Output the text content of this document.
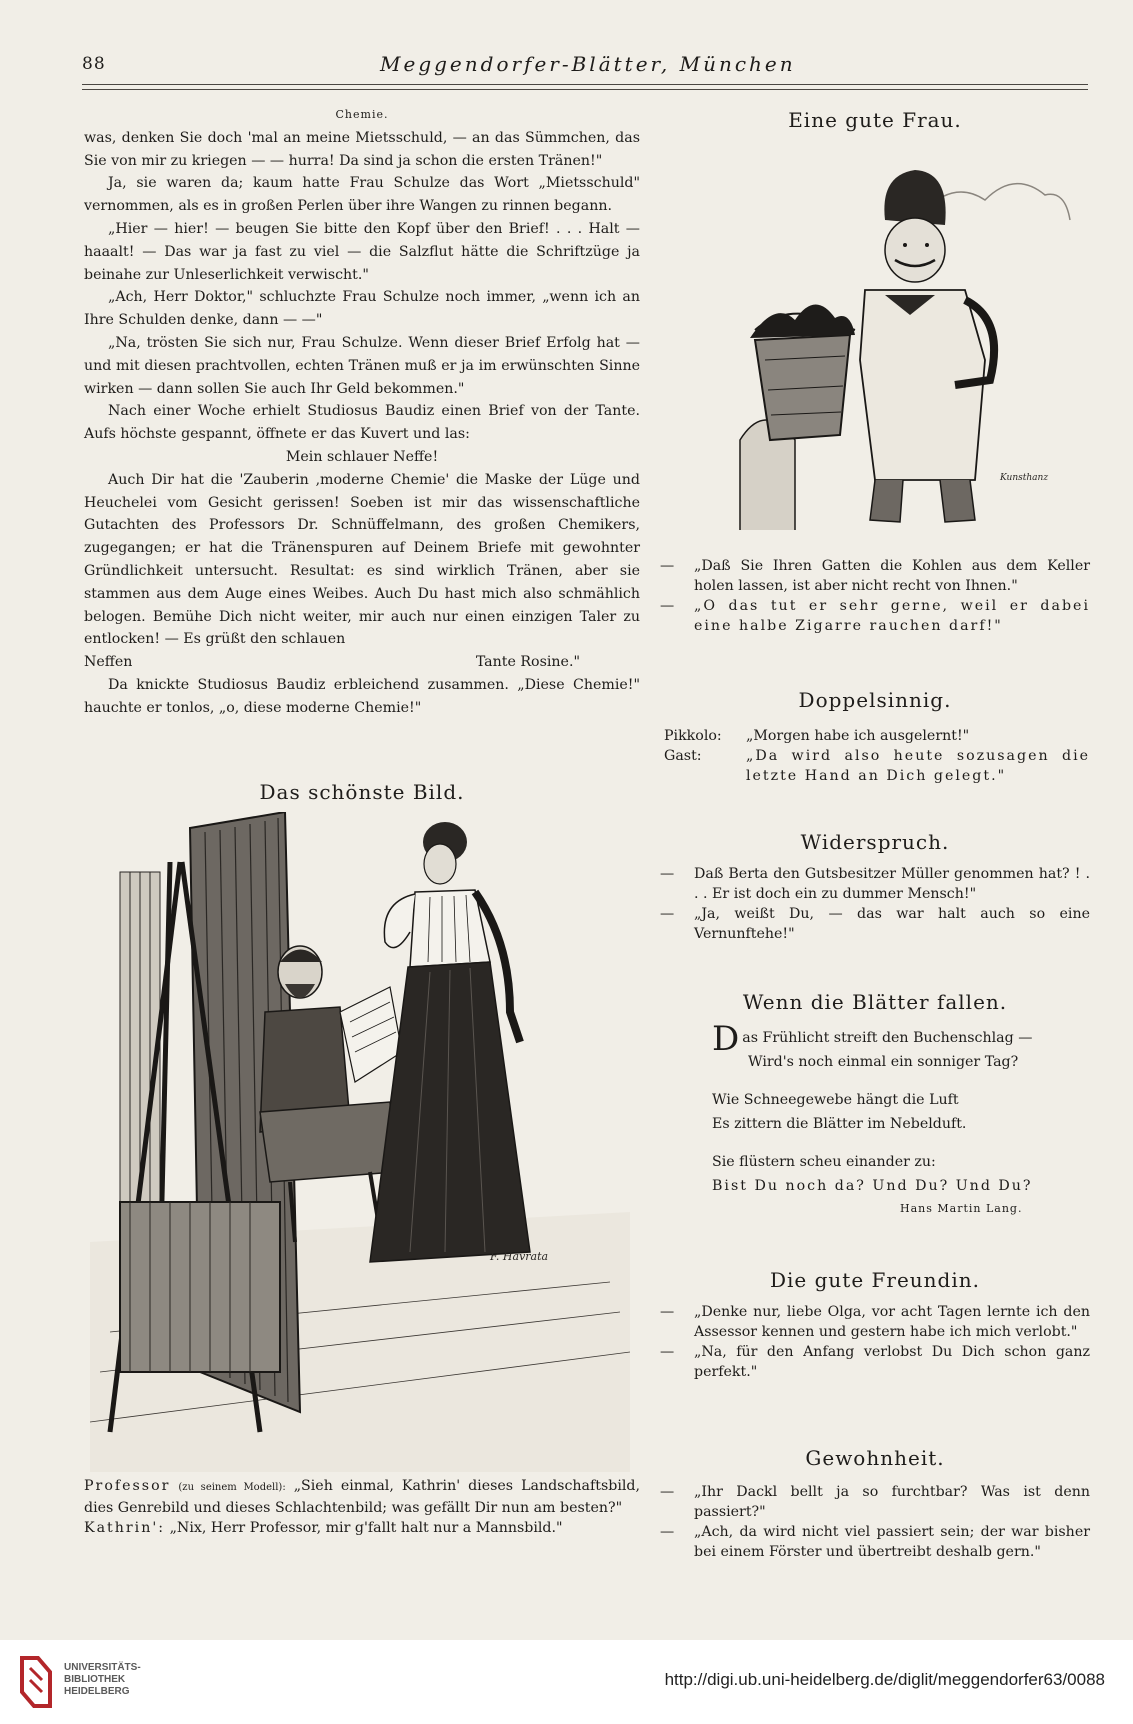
88	Meggendorfer-Blätter, München
Chemie.

was, denken Sie doch 'mal an meine Mietsschuld, — an das Sümmchen, das Sie von mir zu kriegen — — hurra! Da sind ja schon die ersten Tränen!"

Ja, sie waren da; kaum hatte Frau Schulze das Wort „Mietsschuld" vernommen, als es in großen Perlen über ihre Wangen zu rinnen begann.

„Hier — hier! — beugen Sie bitte den Kopf über den Brief! . . . Halt — haaalt! — Das war ja fast zu viel — die Salzflut hätte die Schriftzüge ja beinahe zur Unleserlichkeit verwischt."

„Ach, Herr Doktor," schluchzte Frau Schulze noch immer, „wenn ich an Ihre Schulden denke, dann — —"

„Na, trösten Sie sich nur, Frau Schulze. Wenn dieser Brief Erfolg hat — und mit diesen prachtvollen, echten Tränen muß er ja im erwünschten Sinne wirken — dann sollen Sie auch Ihr Geld bekommen."

Nach einer Woche erhielt Studiosus Baudiz einen Brief von der Tante. Aufs höchste gespannt, öffnete er das Kuvert und las:

Mein schlauer Neffe!

Auch Dir hat die 'Zauberin ‚moderne Chemie' die Maske der Lüge und Heuchelei vom Gesicht gerissen! Soeben ist mir das wissenschaftliche Gutachten des Professors Dr. Schnüffelmann, des großen Chemikers, zugegangen; er hat die Tränenspuren auf Deinem Briefe mit gewohnter Gründlichkeit untersucht. Resultat: es sind wirklich Tränen, aber sie stammen aus dem Auge eines Weibes. Auch Du hast mich also schmählich belogen. Bemühe Dich nicht weiter, mir auch nur einen einzigen Taler zu entlocken! — Es grüßt den schlauen

Neffen	Tante Rosine."

Da knickte Studiosus Baudiz erbleichend zusammen. „Diese Chemie!" hauchte er tonlos, „o, diese moderne Chemie!"

Das schönste Bild.
F. Havrata
Professor (zu seinem Modell): „Sieh einmal, Kathrin' dieses Landschaftsbild, dies Genrebild und dieses Schlachtenbild; was gefällt Dir nun am besten?"
Kathrin': „Nix, Herr Professor, mir g'fallt halt nur a Mannsbild."
Eine gute Frau.
Kunsthanz
—	„Daß Sie Ihren Gatten die Kohlen aus dem Keller holen lassen, ist aber nicht recht von Ihnen."
—	„O das tut er sehr gerne, weil er dabei eine halbe Zigarre rauchen darf!"
Doppelsinnig.
Pikkolo:	„Morgen habe ich ausgelernt!"
Gast:	„Da wird also heute sozusagen die letzte Hand an Dich gelegt."
Widerspruch.
—	Daß Berta den Gutsbesitzer Müller genommen hat? ! . . . Er ist doch ein zu dummer Mensch!"
—	„Ja, weißt Du, — das war halt auch so eine Vernunftehe!"
Wenn die Blätter fallen.

Das Frühlicht streift den Buchenschlag —

Wird's noch einmal ein sonniger Tag?

Wie Schneegewebe hängt die Luft

Es zittern die Blätter im Nebelduft.

Sie flüstern scheu einander zu:

Bist Du noch da? Und Du? Und Du?

Hans Martin Lang.
Die gute Freundin.
—	„Denke nur, liebe Olga, vor acht Tagen lernte ich den Assessor kennen und gestern habe ich mich verlobt."
—	„Na, für den Anfang verlobst Du Dich schon ganz perfekt."
Gewohnheit.
—	„Ihr Dackl bellt ja so furchtbar? Was ist denn passiert?"
—	„Ach, da wird nicht viel passiert sein; der war bisher bei einem Förster und übertreibt deshalb gern."
UNIVERSITÄTS-
BIBLIOTHEK
HEIDELBERG
http://digi.ub.uni-heidelberg.de/diglit/meggendorfer63/0088
